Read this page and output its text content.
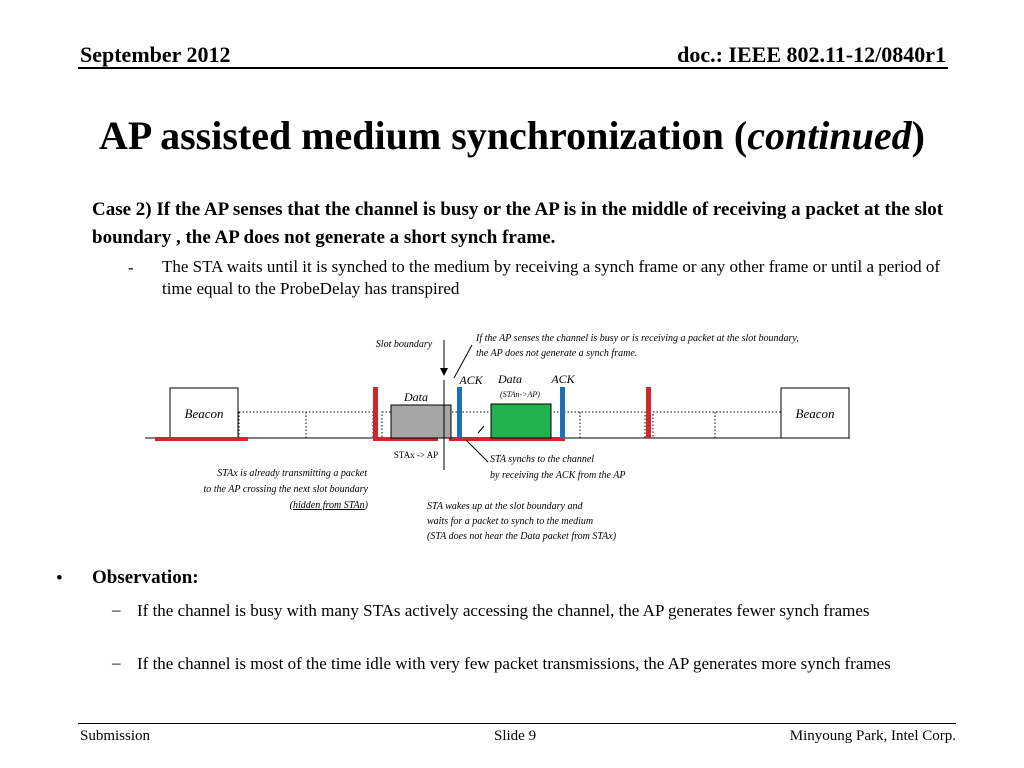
September 2012	doc.: IEEE 802.11-12/0840r1
AP assisted medium synchronization (continued)
Case 2) If the AP senses that the channel is busy or the AP is in the middle of receiving a packet at the slot boundary , the AP does not generate a short synch frame.
- The STA waits until it is synched to the medium by receiving a synch frame or any other frame or until a period of time equal to the ProbeDelay has transpired
Beacon	Beacon
Data
STAx -> AP
ACK Data
(STAn->AP)
ACK
Slot boundary
If the AP senses the channel is busy or is receiving a packet at the slot boundary,
the AP does not generate a synch frame.
STAx is already transmitting a packet
to the AP crossing the next slot boundary
(hidden from STAn)
STA synchs to the channel
by receiving the ACK from the AP
STA wakes up at the slot boundary and
waits for a packet to synch to the medium
(STA does not hear the Data packet from STAx)
• Observation:
– If the channel is busy with many STAs actively accessing the channel, the AP generates fewer synch frames
– If the channel is most of the time idle with very few packet transmissions, the AP generates more synch frames
Submission	Slide 9	Minyoung Park, Intel Corp.
